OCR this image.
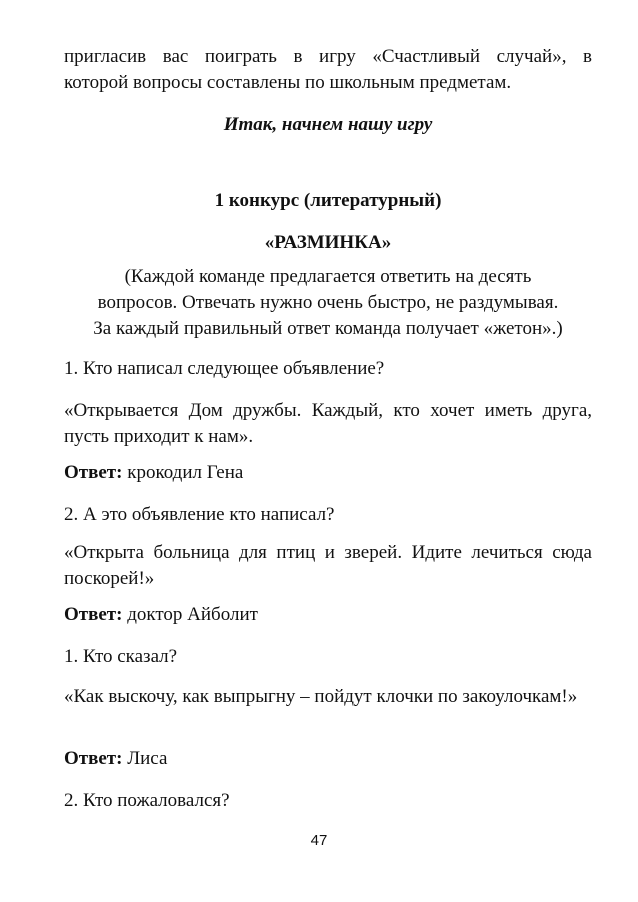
пригласив вас поиграть в игру «Счастливый случай», в

которой вопросы составлены по школьным предметам.

Итак, начнем нашу игру

1 конкурс (литературный)

«РАЗМИНКА»

(Каждой команде предлагается ответить на десять

вопросов. Отвечать нужно очень быстро, не раздумывая.

За каждый правильный ответ команда получает «жетон».)

1. Кто написал следующее объявление?

«Открывается Дом дружбы. Каждый, кто хочет иметь друга, пусть приходит к нам».

Ответ: крокодил Гена

2. А это объявление кто написал?

«Открыта больница для птиц и зверей. Идите лечиться сюда поскорей!»

Ответ: доктор Айболит

1. Кто сказал?

«Как выскочу, как выпрыгну – пойдут клочки по закоулочкам!»

Ответ: Лиса

2. Кто пожаловался?

47
